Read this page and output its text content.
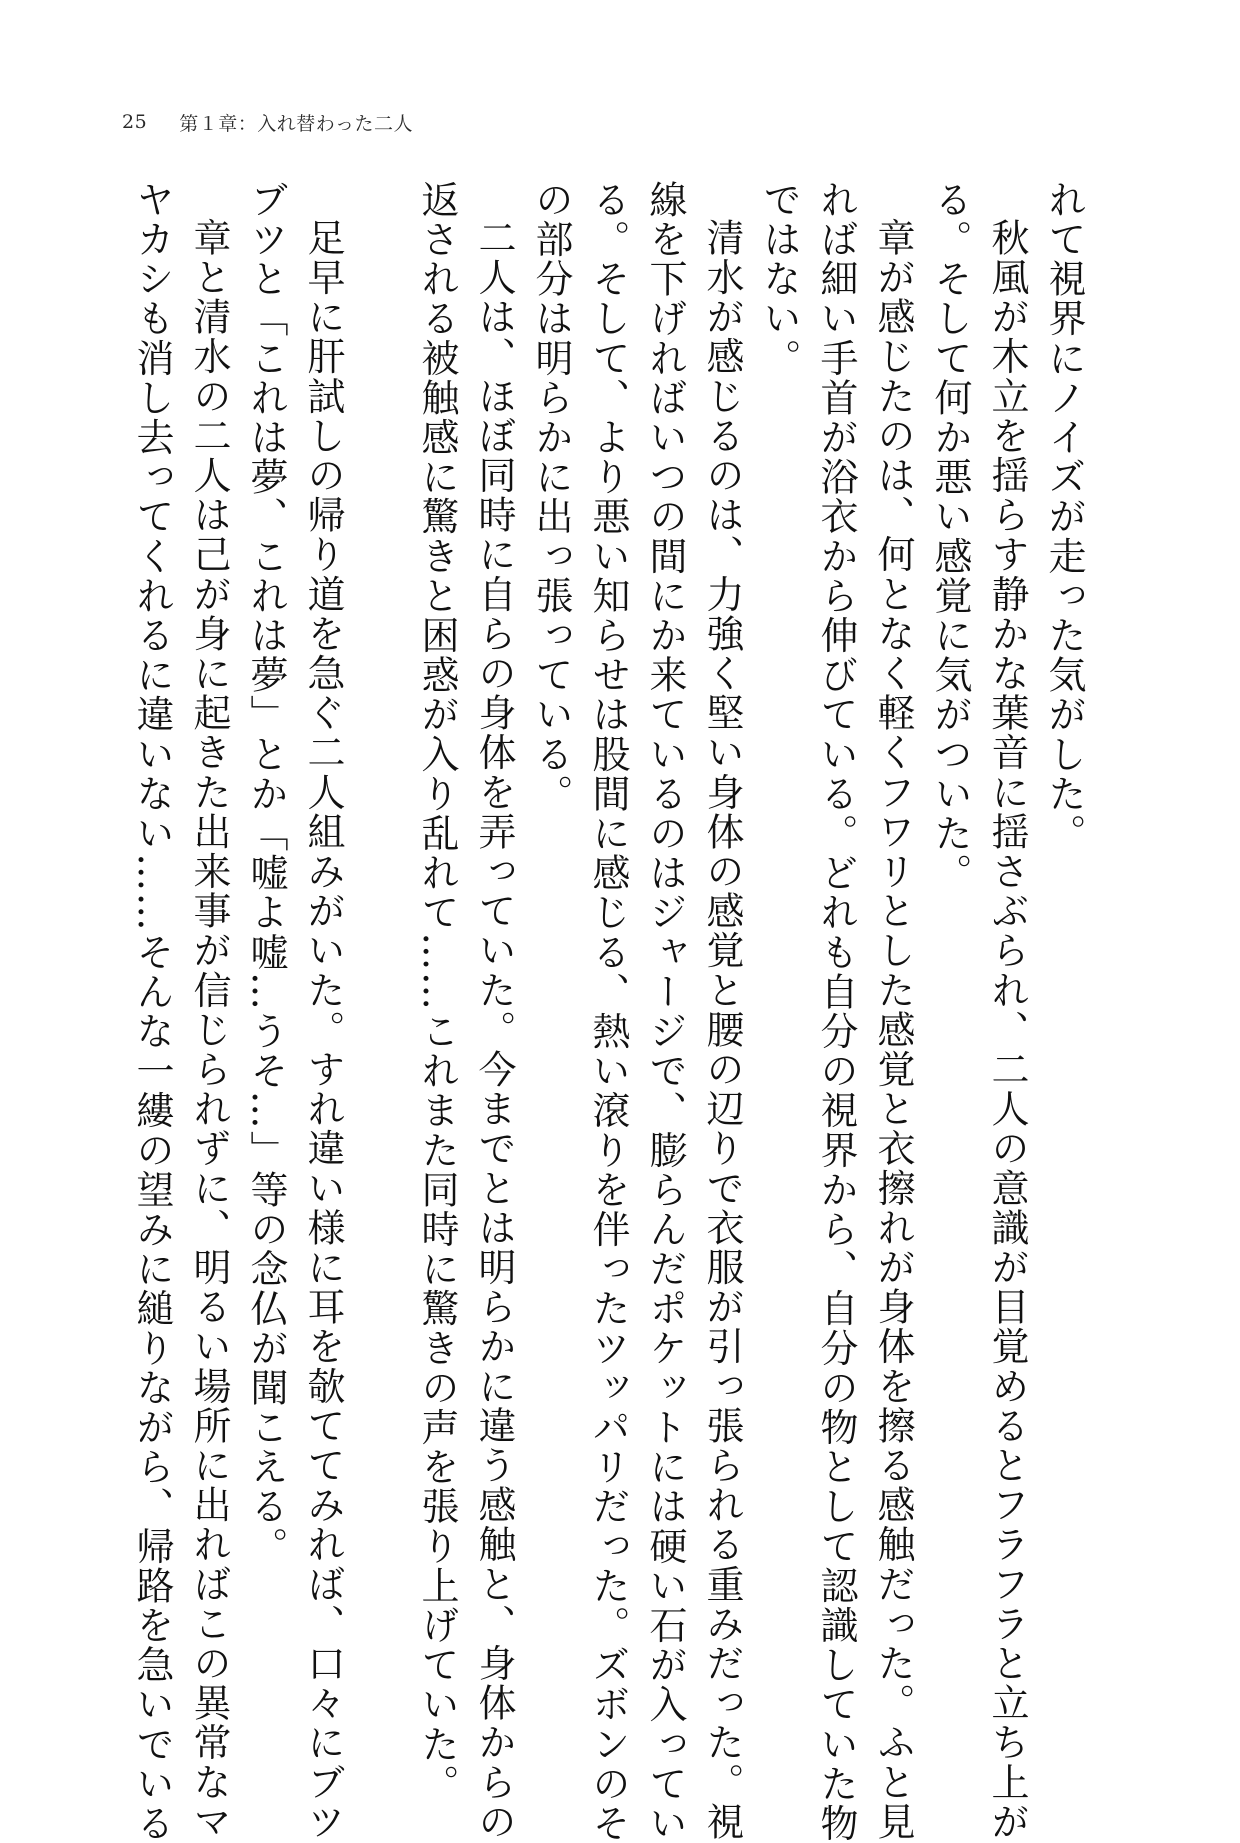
25 第１章：入れ替わった二人
れて視界にノイズが走った気がした。
秋風が木立を揺らす静かな葉音に揺さぶられ、二人の意識が目覚めるとフラフラと立ち上が
る。そして何か悪い感覚に気がついた。
章が感じたのは、何となく軽くフワリとした感覚と衣擦れが身体を擦る感触だった。ふと見
れば細い手首が浴衣から伸びている。どれも自分の視界から、自分の物として認識していた物
ではない。
清水が感じるのは、力強く堅い身体の感覚と腰の辺りで衣服が引っ張られる重みだった。視
線を下げればいつの間にか来ているのはジャージで、膨らんだポケットには硬い石が入ってい
る。そして、より悪い知らせは股間に感じる、熱い滾りを伴ったツッパリだった。ズボンのそ
の部分は明らかに出っ張っている。
二人は、ほぼ同時に自らの身体を弄っていた。今までとは明らかに違う感触と、身体からの
返される被触感に驚きと困惑が入り乱れて……これまた同時に驚きの声を張り上げていた。
足早に肝試しの帰り道を急ぐ二人組みがいた。すれ違い様に耳を欹ててみれば、口々にブツ
ブツと「これは夢、これは夢」とか「嘘よ嘘…うそ…」等の念仏が聞こえる。
章と清水の二人は己が身に起きた出来事が信じられずに、明るい場所に出ればこの異常なマ
ヤカシも消し去ってくれるに違いない……そんな一縷の望みに縋りながら、帰路を急いでいる
